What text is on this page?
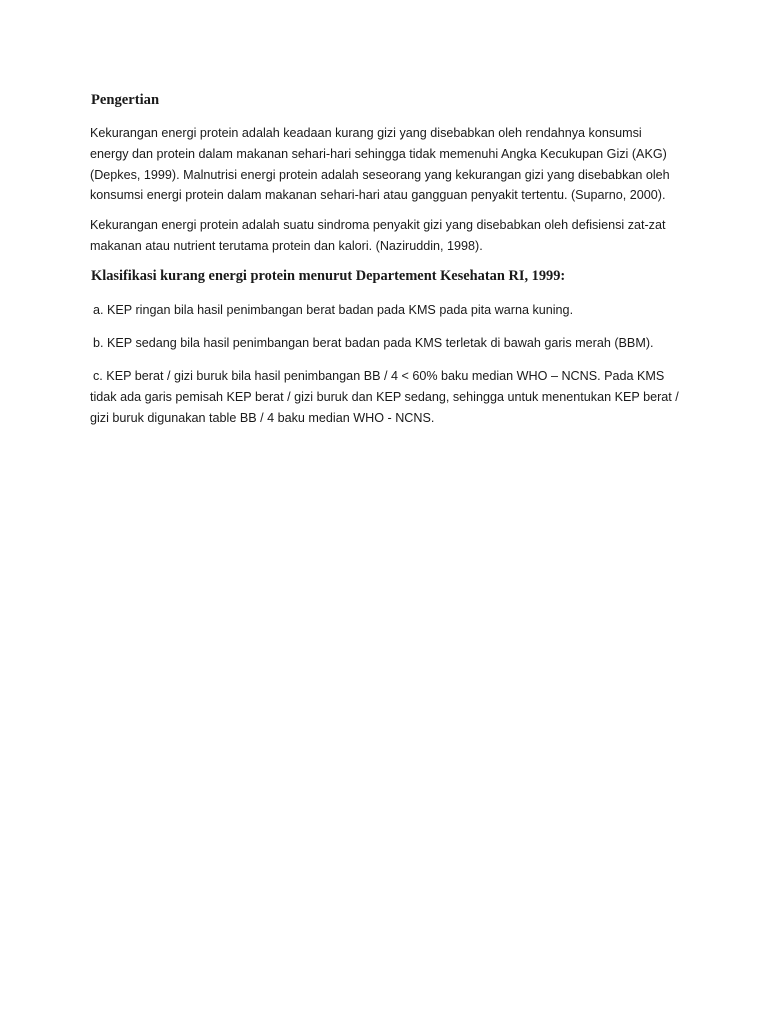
Pengertian
Kekurangan energi protein adalah keadaan kurang gizi yang disebabkan oleh rendahnya konsumsi
energy dan protein dalam makanan sehari-hari sehingga tidak memenuhi Angka Kecukupan Gizi (AKG)
(Depkes, 1999). Malnutrisi energi protein adalah seseorang yang kekurangan gizi yang disebabkan oleh
konsumsi energi protein dalam makanan sehari-hari atau gangguan penyakit tertentu. (Suparno, 2000).
Kekurangan energi protein adalah suatu sindroma penyakit gizi yang disebabkan oleh defisiensi zat-zat
makanan atau nutrient terutama protein dan kalori. (Naziruddin, 1998).
Klasifikasi kurang energi protein menurut Departement Kesehatan RI, 1999:
a. KEP ringan bila hasil penimbangan berat badan pada KMS pada pita warna kuning.
b. KEP sedang bila hasil penimbangan berat badan pada KMS terletak di bawah garis merah (BBM).
c. KEP berat / gizi buruk bila hasil penimbangan BB / 4 < 60% baku median WHO – NCNS. Pada KMS
tidak ada garis pemisah KEP berat / gizi buruk dan KEP sedang, sehingga untuk menentukan KEP berat /
gizi buruk digunakan table BB / 4 baku median WHO - NCNS.
